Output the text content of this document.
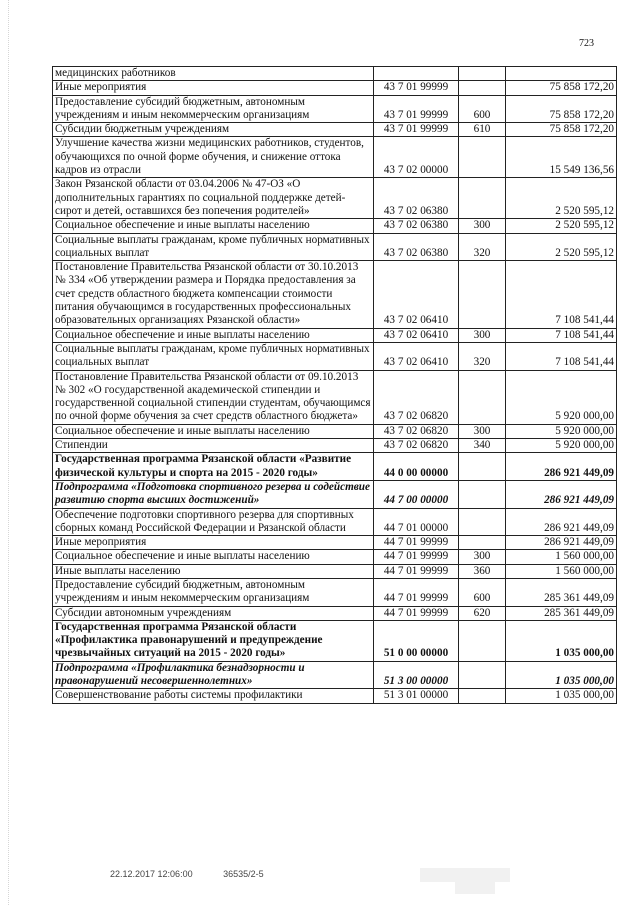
723
медицинских работников			
Иные мероприятия	43 7 01 99999		75 858 172,20
Предоставление субсидий бюджетным, автономным учреждениям и иным некоммерческим организациям	43 7 01 99999	600	75 858 172,20
Субсидии бюджетным учреждениям	43 7 01 99999	610	75 858 172,20
Улучшение качества жизни медицинских работников, студентов, обучающихся по очной форме обучения, и снижение оттока кадров из отрасли	43 7 02 00000		15 549 136,56
Закон Рязанской области от 03.04.2006 № 47-ОЗ «О дополнительных гарантиях по социальной поддержке детей-сирот и детей, оставшихся без попечения родителей»	43 7 02 06380		2 520 595,12
Социальное обеспечение и иные выплаты населению	43 7 02 06380	300	2 520 595,12
Социальные выплаты гражданам, кроме публичных нормативных социальных выплат	43 7 02 06380	320	2 520 595,12
Постановление Правительства Рязанской области от 30.10.2013 № 334 «Об утверждении размера и Порядка предоставления за счет средств областного бюджета компенсации стоимости питания обучающимся в государственных профессиональных образовательных организациях Рязанской области»	43 7 02 06410		7 108 541,44
Социальное обеспечение и иные выплаты населению	43 7 02 06410	300	7 108 541,44
Социальные выплаты гражданам, кроме публичных нормативных социальных выплат	43 7 02 06410	320	7 108 541,44
Постановление Правительства Рязанской области от 09.10.2013 № 302 «О государственной академической стипендии и государственной социальной стипендии студентам, обучающимся по очной форме обучения за счет средств областного бюджета»	43 7 02 06820		5 920 000,00
Социальное обеспечение и иные выплаты населению	43 7 02 06820	300	5 920 000,00
Стипендии	43 7 02 06820	340	5 920 000,00
Государственная программа Рязанской области «Развитие физической культуры и спорта на 2015 - 2020 годы»	44 0 00 00000		286 921 449,09
Подпрограмма «Подготовка спортивного резерва и содействие развитию спорта высших достижений»	44 7 00 00000		286 921 449,09
Обеспечение подготовки спортивного резерва для спортивных сборных команд Российской Федерации и Рязанской области	44 7 01 00000		286 921 449,09
Иные мероприятия	44 7 01 99999		286 921 449,09
Социальное обеспечение и иные выплаты населению	44 7 01 99999	300	1 560 000,00
Иные выплаты населению	44 7 01 99999	360	1 560 000,00
Предоставление субсидий бюджетным, автономным учреждениям и иным некоммерческим организациям	44 7 01 99999	600	285 361 449,09
Субсидии автономным учреждениям	44 7 01 99999	620	285 361 449,09
Государственная программа Рязанской области «Профилактика правонарушений и предупреждение чрезвычайных ситуаций на 2015 - 2020 годы»	51 0 00 00000		1 035 000,00
Подпрограмма «Профилактика безнадзорности и правонарушений несовершеннолетних»	51 3 00 00000		1 035 000,00
Совершенствование работы системы профилактики	51 3 01 00000		1 035 000,00
22.12.2017 12:06:00	36535/2-5
